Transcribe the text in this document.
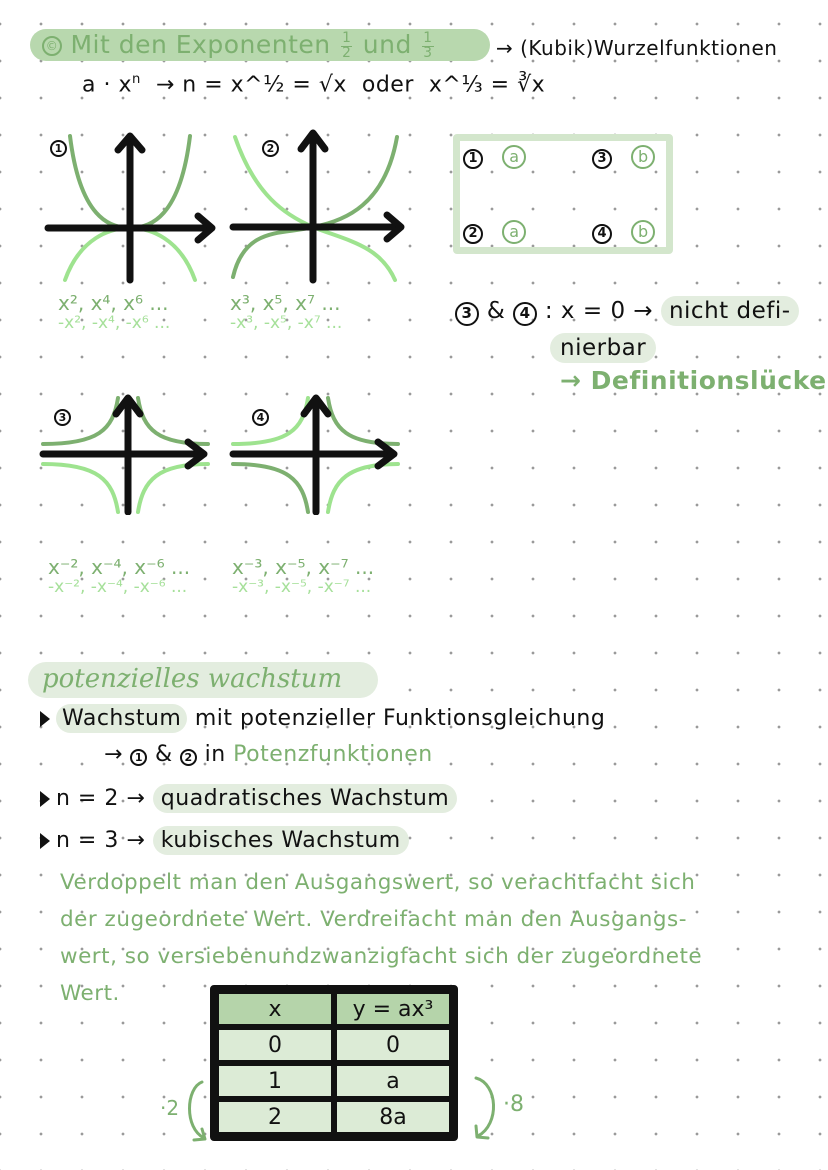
© Mit den Exponenten $\frac{1}{2}$ und $\frac{1}{3}$	→ (Kubik)Wurzelfunktionen
$a \cdot x^n \to n$ = x^½ = √x oder x^⅓ = ∛x
1
x², x⁴, x⁶ ...
-x², -x⁴, -x⁶ ...
2
x³, x⁵, x⁷ ...
-x³, -x⁵, -x⁷ ...
3
x⁻², x⁻⁴, x⁻⁶ ...
-x⁻², -x⁻⁴, -x⁻⁶ ...
4
x⁻³, x⁻⁵, x⁻⁷ ...
-x⁻³, -x⁻⁵, -x⁻⁷ ...
1 a	3 b
2 a	4 b
3 & 4 : x = 0 → nicht defi-
nierbar
→ Definitionslücke
potenzielles wachstum
Wachstum mit potenzieller Funktionsgleichung
→ 1 & 2 in Potenzfunktionen
n = 2 → quadratisches Wachstum
n = 3 → kubisches Wachstum
Verdoppelt man den Ausgangswert, so verachtfacht sich
der zugeordnete Wert. Verdreifacht man den Ausgangs-
wert, so versiebenundzwanzigfacht sich der zugeordnete
Wert.
x	y = ax³
0	0
1	a
2	8a
·2	·8
